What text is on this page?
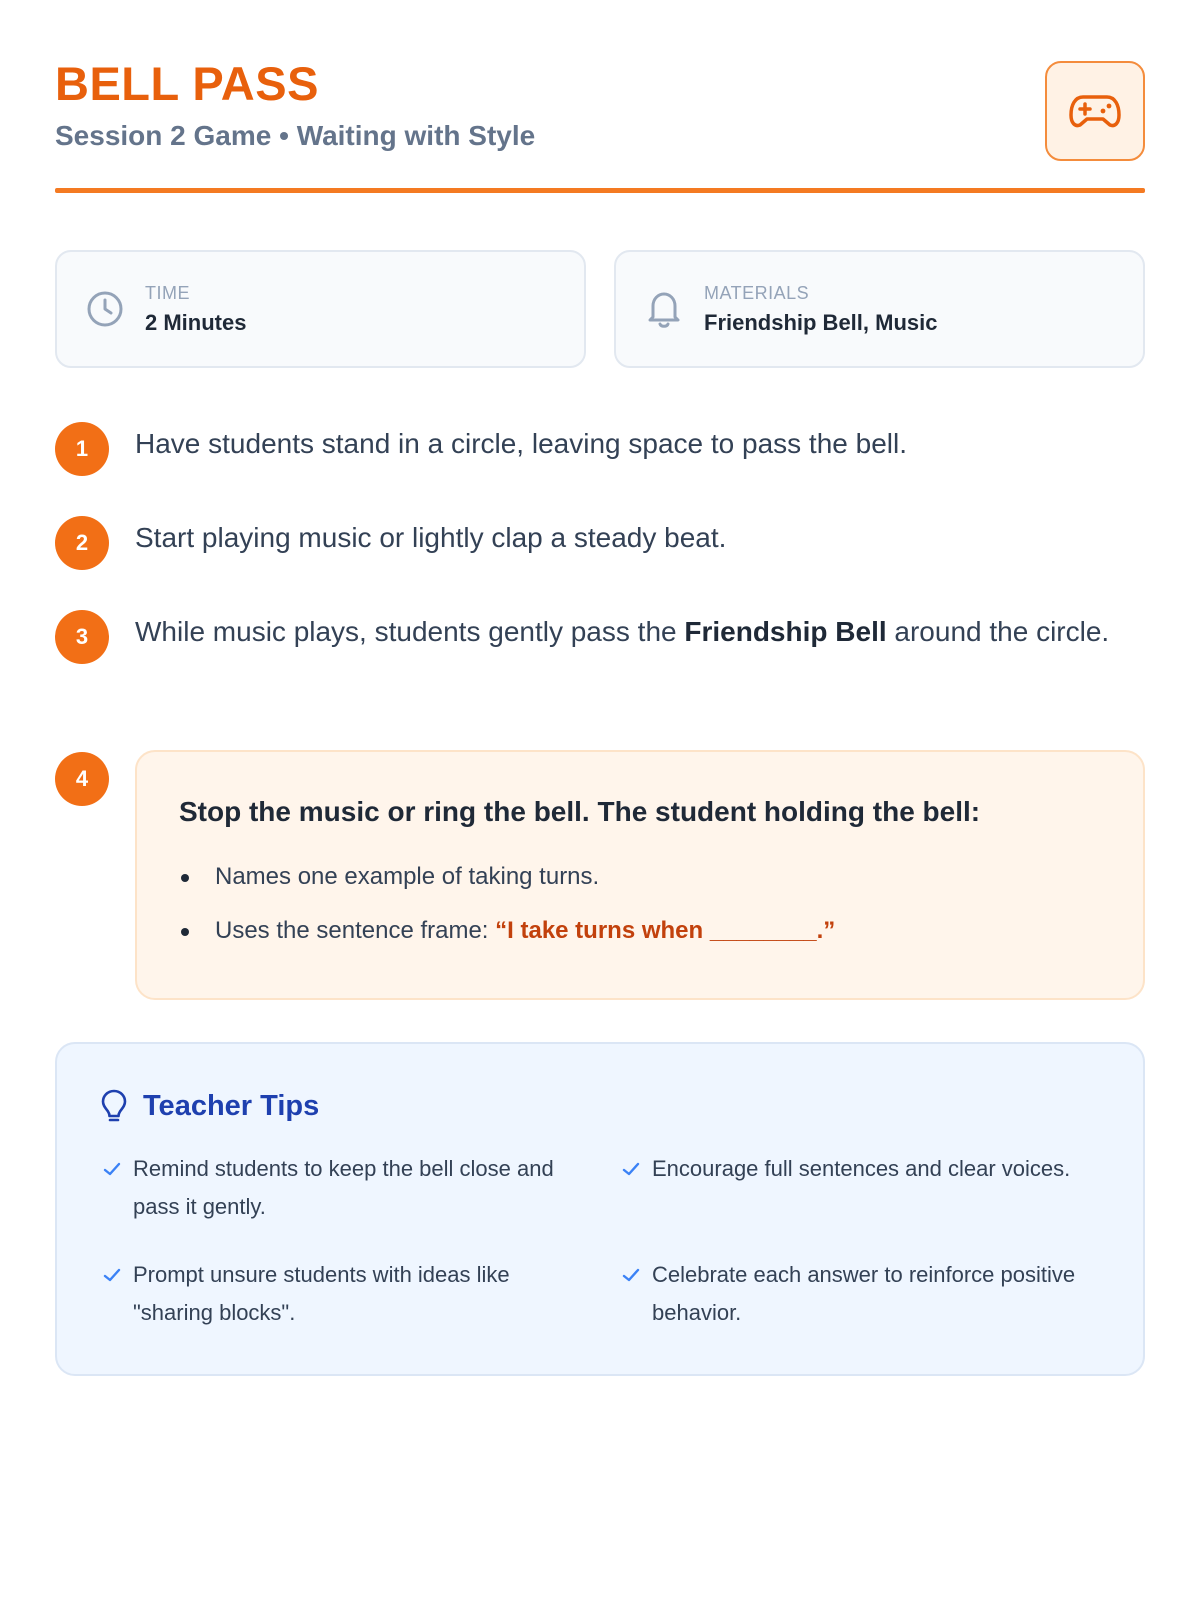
BELL PASS
Session 2 Game • Waiting with Style
TIME
2 Minutes
MATERIALS
Friendship Bell, Music
1	Have students stand in a circle, leaving space to pass the bell.
2	Start playing music or lightly clap a steady beat.
3	While music plays, students gently pass the Friendship Bell around the circle.
4
Stop the music or ring the bell. The student holding the bell:
Names one example of taking turns.
Uses the sentence frame: “I take turns when ________.”
Teacher Tips
Remind students to keep the bell close and pass it gently.
Encourage full sentences and clear voices.
Prompt unsure students with ideas like "sharing blocks".
Celebrate each answer to reinforce positive behavior.
